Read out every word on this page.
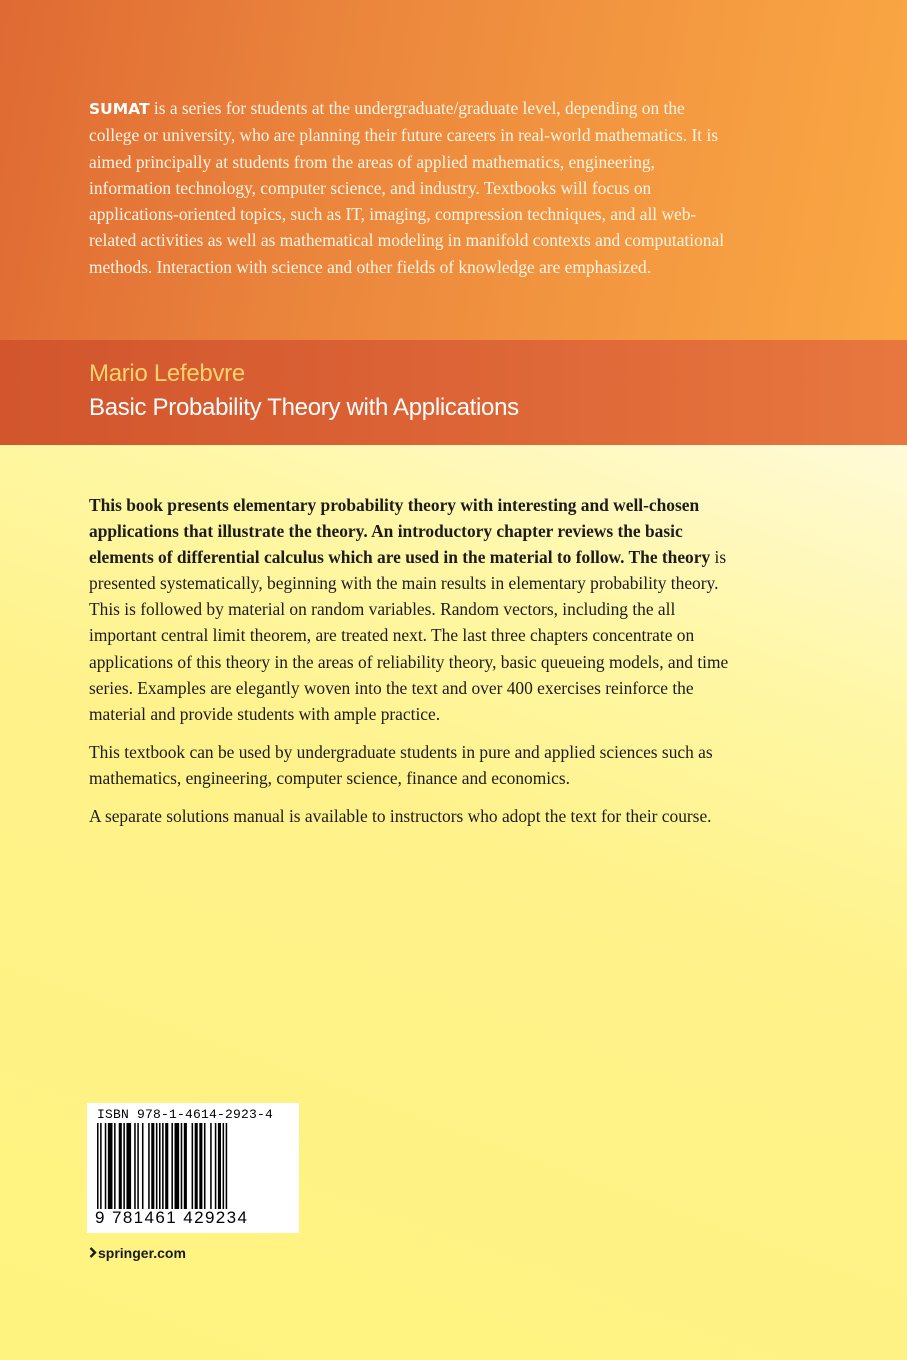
SUMAT is a series for students at the undergraduate/graduate level, depending on the college or university, who are planning their future careers in real-world mathematics. It is aimed principally at students from the areas of applied mathematics, engineering, information technology, computer science, and industry. Textbooks will focus on applications-oriented topics, such as IT, imaging, compression techniques, and all web-related activities as well as mathematical modeling in manifold contexts and computational methods. Interaction with science and other fields of knowledge are emphasized.
Mario Lefebvre
Basic Probability Theory with Applications

This book presents elementary probability theory with interesting and well-chosen applications that illustrate the theory. An introductory chapter reviews the basic elements of differential calculus which are used in the material to follow. The theory is presented systematically, beginning with the main results in elementary probability theory. This is followed by material on random variables. Random vectors, including the all important central limit theorem, are treated next. The last three chapters concentrate on applications of this theory in the areas of reliability theory, basic queueing models, and time series. Examples are elegantly woven into the text and over 400 exercises reinforce the material and provide students with ample practice.

This textbook can be used by undergraduate students in pure and applied sciences such as mathematics, engineering, computer science, finance and economics.

A separate solutions manual is available to instructors who adopt the text for their course.

ISBN 978-1-4614-2923-4
9 781461 429234
springer.com
